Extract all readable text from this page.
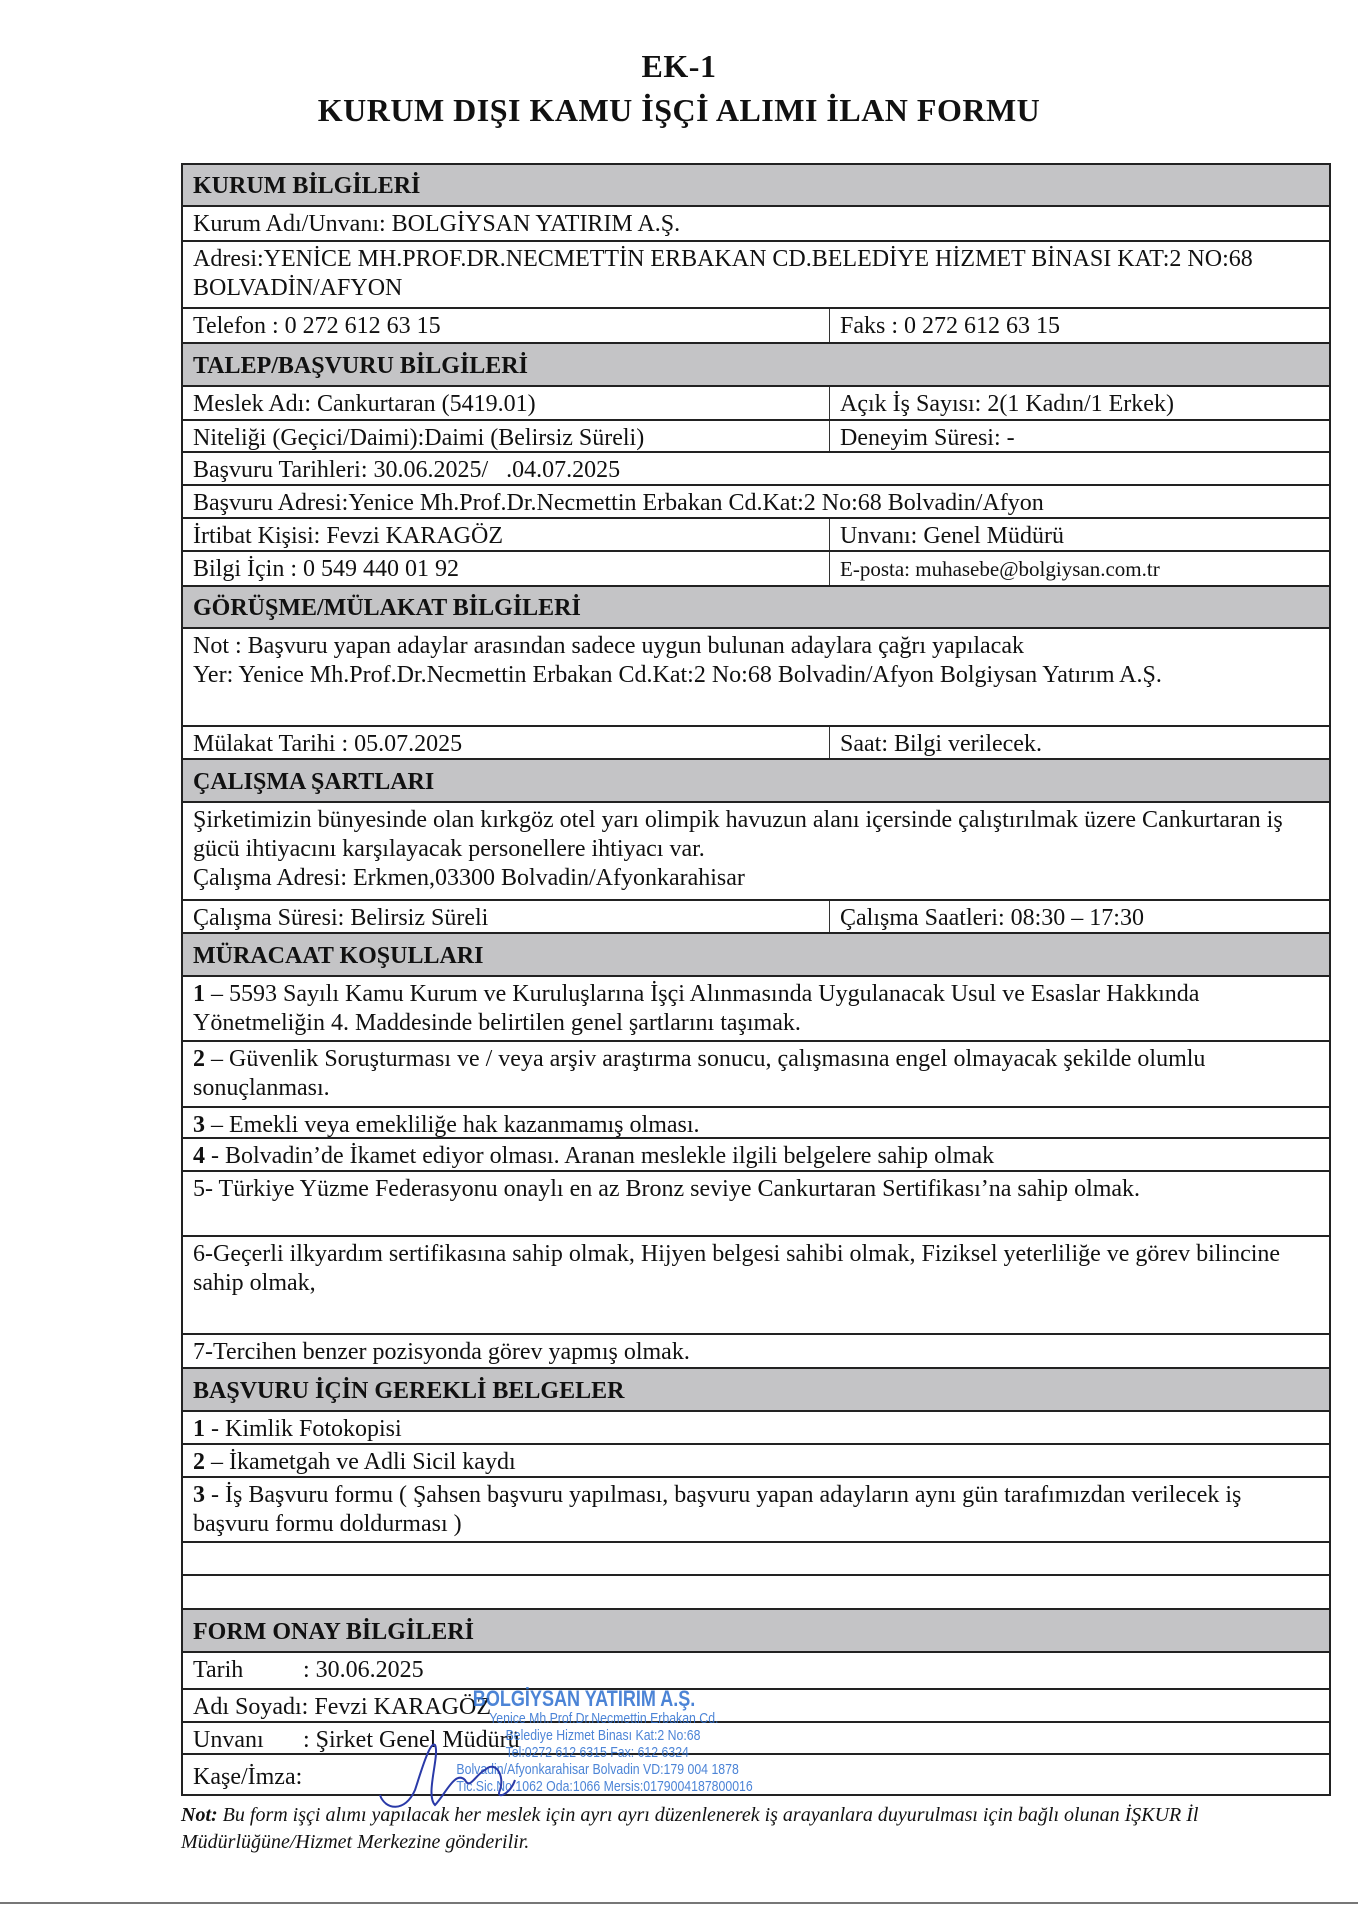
EK-1
KURUM DIŞI KAMU İŞÇİ ALIMI İLAN FORMU
KURUM BİLGİLERİ
Kurum Adı/Unvanı: BOLGİYSAN YATIRIM A.Ş.
Adresi:YENİCE MH.PROF.DR.NECMETTİN ERBAKAN CD.BELEDİYE HİZMET BİNASI KAT:2 NO:68 BOLVADİN/AFYON
Telefon : 0 272 612 63 15	Faks : 0 272 612 63 15
TALEP/BAŞVURU BİLGİLERİ
Meslek Adı: Cankurtaran (5419.01)	Açık İş Sayısı: 2(1 Kadın/1 Erkek)
Niteliği (Geçici/Daimi):Daimi (Belirsiz Süreli)	Deneyim Süresi: -
Başvuru Tarihleri: 30.06.2025/   .04.07.2025
Başvuru Adresi:Yenice Mh.Prof.Dr.Necmettin Erbakan Cd.Kat:2 No:68 Bolvadin/Afyon
İrtibat Kişisi: Fevzi KARAGÖZ	Unvanı: Genel Müdürü
Bilgi İçin : 0 549 440 01 92	E-posta: muhasebe@bolgiysan.com.tr
GÖRÜŞME/MÜLAKAT BİLGİLERİ
Not : Başvuru yapan adaylar arasından sadece uygun bulunan adaylara çağrı yapılacak
Yer: Yenice Mh.Prof.Dr.Necmettin Erbakan Cd.Kat:2 No:68 Bolvadin/Afyon Bolgiysan Yatırım A.Ş.
Mülakat Tarihi : 05.07.2025	Saat: Bilgi verilecek.
ÇALIŞMA ŞARTLARI
Şirketimizin bünyesinde olan kırkgöz otel yarı olimpik havuzun alanı içersinde çalıştırılmak üzere Cankurtaran iş gücü ihtiyacını karşılayacak personellere ihtiyacı var.
Çalışma Adresi: Erkmen,03300 Bolvadin/Afyonkarahisar
Çalışma Süresi: Belirsiz Süreli	Çalışma Saatleri: 08:30 – 17:30
MÜRACAAT KOŞULLARI
1 – 5593 Sayılı Kamu Kurum ve Kuruluşlarına İşçi Alınmasında Uygulanacak Usul ve Esaslar Hakkında Yönetmeliğin 4. Maddesinde belirtilen genel şartlarını taşımak.
2 – Güvenlik Soruşturması ve / veya arşiv araştırma sonucu, çalışmasına engel olmayacak şekilde olumlu sonuçlanması.
3 – Emekli veya emekliliğe hak kazanmamış olması.
4 - Bolvadin’de İkamet ediyor olması. Aranan meslekle ilgili belgelere sahip olmak
5- Türkiye Yüzme Federasyonu onaylı en az Bronz seviye Cankurtaran Sertifikası’na sahip olmak.
6-Geçerli ilkyardım sertifikasına sahip olmak, Hijyen belgesi sahibi olmak, Fiziksel yeterliliğe ve görev bilincine sahip olmak,
7-Tercihen benzer pozisyonda görev yapmış olmak.
BAŞVURU İÇİN GEREKLİ BELGELER
1 - Kimlik Fotokopisi
2 – İkametgah ve Adli Sicil kaydı
3 - İş Başvuru formu ( Şahsen başvuru yapılması, başvuru yapan adayların aynı gün tarafımızdan verilecek iş başvuru formu doldurması )
FORM ONAY BİLGİLERİ
Tarih : 30.06.2025
Adı Soyadı: Fevzi KARAGÖZ
Unvanı : Şirket Genel Müdürü
Kaşe/İmza:
BOLGİYSAN YATIRIM A.Ş.
Yenice Mh.Prof.Dr.Necmettin Erbakan Cd.
Belediye Hizmet Binası Kat:2 No:68
Tel:0272 612 6315 Fax: 612 6324
Bolvadin/Afyonkarahisar Bolvadin VD:179 004 1878
Tic.Sic.No:1062 Oda:1066 Mersis:0179004187800016
Not: Bu form işçi alımı yapılacak her meslek için ayrı ayrı düzenlenerek iş arayanlara duyurulması için bağlı olunan İŞKUR İl Müdürlüğüne/Hizmet Merkezine gönderilir.
